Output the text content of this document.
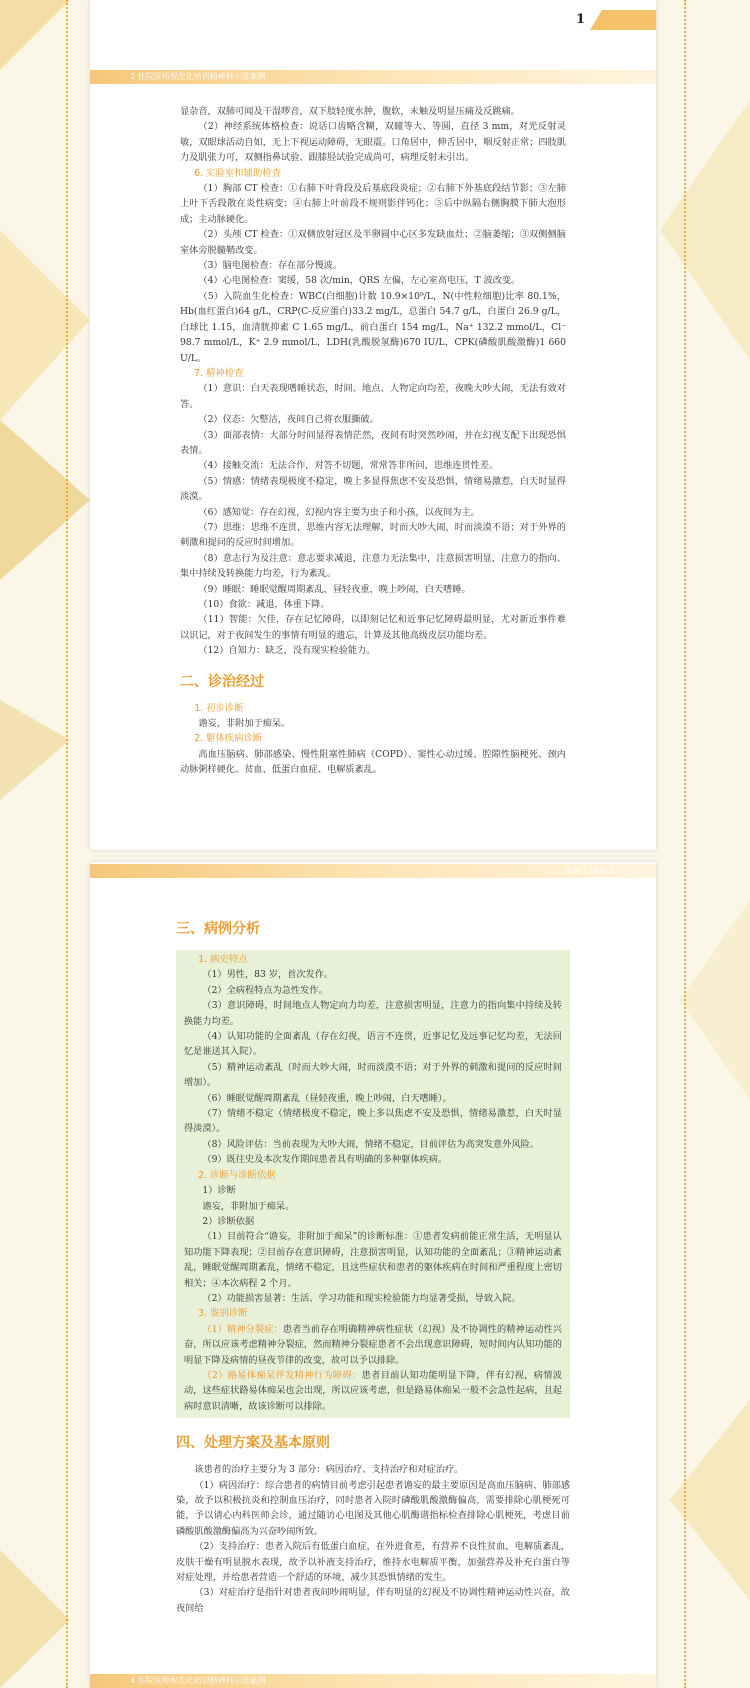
1
2 住院医师规范化培训精神科示范案例
案例 1 谵妄 3
4 住院医师规范化培训精神科示范案例

显杂音，双肺可闻及干湿啰音，双下肢轻度水肿，腹软，未触及明显压痛及反跳痛。

（2）神经系统体格检查：说话口齿略含糊，双瞳等大、等圆，直径 3 mm，对光反射灵敏，双眼球活动自如，无上下视运动障碍，无眼震。口角居中，伸舌居中，咽反射正常；四肢肌力及肌张力可，双侧指鼻试验、跟膝胫试验完成尚可，病理反射未引出。

6. 实验室和辅助检查

（1）胸部 CT 检查：①右肺下叶背段及后基底段炎症；②右肺下外基底段结节影；③左肺上叶下舌段散在炎性病变；④右肺上叶前段不规则影伴钙化；⑤后中纵隔右侧胸膜下肺大泡形成；主动脉硬化。

（2）头颅 CT 检查：①双侧放射冠区及半卵圆中心区多发缺血灶；②脑萎缩；③双侧侧脑室体旁脱髓鞘改变。

（3）脑电图检查：存在部分慢波。

（4）心电图检查：窦缓，58 次/min，QRS 左偏，左心室高电压，T 波改变。

（5）入院血生化检查：WBC(白细胞)计数 10.9×10⁹/L，N(中性粒细胞)比率 80.1%，Hb(血红蛋白)64 g/L，CRP(C-反应蛋白)33.2 mg/L，总蛋白 54.7 g/L，白蛋白 26.9 g/L，白球比 1.15，血清胱抑素 C 1.65 mg/L，前白蛋白 154 mg/L，Na⁺ 132.2 mmol/L，Cl⁻ 98.7 mmol/L，K⁺ 2.9 mmol/L，LDH(乳酸脱氢酶)670 IU/L，CPK(磷酸肌酸激酶)1 660 U/L。

7. 精神检查

（1）意识：白天表现嗜睡状态，时间、地点、人物定向均差，夜晚大吵大闹，无法有效对答。

（2）仪态：欠整洁，夜间自己将衣服撕破。

（3）面部表情：大部分时间显得表情茫然，夜间有时突然吵闹，并在幻视支配下出现恐惧表情。

（4）接触交流：无法合作，对答不切题，常常答非所问，思维连贯性差。

（5）情感：情绪表现极度不稳定，晚上多显得焦虑不安及恐惧，情绪易激惹，白天时显得淡漠。

（6）感知觉：存在幻视，幻视内容主要为虫子和小孩，以夜间为主。

（7）思维：思维不连贯，思维内容无法理解，时而大吵大闹，时而淡漠不语；对于外界的刺激和提问的反应时间增加。

（8）意志行为及注意：意志要求减退，注意力无法集中，注意损害明显，注意力的指向、集中持续及转换能力均差，行为紊乱。

（9）睡眠：睡眠觉醒周期紊乱，昼轻夜重，晚上吵闹，白天嗜睡。

（10）食欲：减退，体重下降。

（11）智能：欠佳，存在记忆障碍，以即刻记忆和近事记忆障碍最明显，尤对新近事件难以识记，对于夜间发生的事情有明显的遗忘，计算及其他高级皮层功能均差。

（12）自知力：缺乏，没有现实检验能力。

二、诊治经过
1. 初步诊断

谵妄，非附加于痴呆。

2. 躯体疾病诊断

高血压脑病、肺部感染、慢性阻塞性肺病（COPD）、窦性心动过缓、腔隙性脑梗死、颈内动脉粥样硬化、贫血、低蛋白血症、电解质紊乱。

三、病例分析
1. 病史特点

（1）男性，83 岁，首次发作。

（2）全病程特点为急性发作。

（3）意识障碍，时间地点人物定向力均差，注意损害明显，注意力的指向集中持续及转换能力均差。

（4）认知功能的全面紊乱（存在幻视，语言不连贯，近事记忆及远事记忆均差，无法回忆是谁送其入院）。

（5）精神运动紊乱（时而大吵大闹，时而淡漠不语；对于外界的刺激和提问的反应时间增加）。

（6）睡眠觉醒周期紊乱（昼轻夜重，晚上吵闹，白天嗜睡）。

（7）情绪不稳定（情绪极度不稳定，晚上多以焦虑不安及恐惧，情绪易激惹，白天时显得淡漠）。

（8）风险评估：当前表现为大吵大闹，情绪不稳定，目前评估为高突发意外风险。

（9）既往史及本次发作期间患者具有明确的多种躯体疾病。

2. 诊断与诊断依据

1）诊断

谵妄，非附加于痴呆。

2）诊断依据

（1）目前符合“谵妄，非附加于痴呆”的诊断标准：①患者发病前能正常生活，无明显认知功能下降表现；②目前存在意识障碍，注意损害明显，认知功能的全面紊乱；③精神运动紊乱，睡眠觉醒周期紊乱，情绪不稳定，且这些症状和患者的躯体疾病在时间和严重程度上密切相关；④本次病程 2 个月。

（2）功能损害显著：生活、学习功能和现实检验能力均显著受损，导致入院。

3. 鉴别诊断

（1）精神分裂症：患者当前存在明确精神病性症状（幻视）及不协调性的精神运动性兴奋，所以应该考虑精神分裂症，然而精神分裂症患者不会出现意识障碍，短时间内认知功能的明显下降及病情的昼夜节律的改变，故可以予以排除。

（2）路易体痴呆伴发精神行为障碍：患者目前认知功能明显下降，伴有幻视，病情波动，这些症状路易体痴呆也会出现，所以应该考虑，但是路易体痴呆一般不会急性起病，且起病时意识清晰，故该诊断可以排除。

四、处理方案及基本原则

该患者的治疗主要分为 3 部分：病因治疗、支持治疗和对症治疗。

（1）病因治疗：综合患者的病情目前考虑引起患者谵妄的最主要原因是高血压脑病、肺部感染，故予以积极抗炎和控制血压治疗，同时患者入院时磷酸肌酸激酶偏高，需要排除心肌梗死可能，予以请心内科医师会诊，通过随访心电图及其他心肌酶谱指标检查排除心肌梗死，考虑目前磷酸肌酸激酶偏高为兴奋吵闹所致。

（2）支持治疗：患者入院后有低蛋白血症，在外进食差，有营养不良性贫血，电解质紊乱，皮肤干燥有明显脱水表现，故予以补液支持治疗，维持水电解质平衡，加强营养及补充白蛋白等对症处理，并给患者营造一个舒适的环境，减少其恐惧情绪的发生。

（3）对症治疗是指针对患者夜间吵闹明显，伴有明显的幻视及不协调性精神运动性兴奋，故夜间给
